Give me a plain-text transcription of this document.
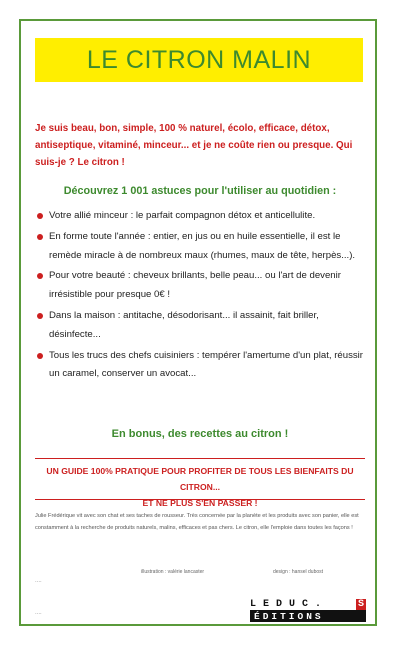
LE CITRON MALIN
Je suis beau, bon, simple, 100 % naturel, écolo, efficace, détox, antiseptique, vitaminé, minceur... et je ne coûte rien ou presque. Qui suis-je ? Le citron !
Découvrez 1 001 astuces pour l'utiliser au quotidien :
Votre allié minceur : le parfait compagnon détox et anticellulite.
En forme toute l'année : entier, en jus ou en huile essentielle, il est le remède miracle à de nombreux maux (rhumes, maux de tête, herpès...).
Pour votre beauté : cheveux brillants, belle peau... ou l'art de devenir irrésistible pour presque 0€ !
Dans la maison : antitache, désodorisant... il assainit, fait briller, désinfecte...
Tous les trucs des chefs cuisiniers : tempérer l'amertume d'un plat, réussir un caramel, conserver un avocat...
En bonus, des recettes au citron !
UN GUIDE 100% PRATIQUE POUR PROFITER DE TOUS LES BIENFAITS DU CITRON...
ET NE PLUS S'EN PASSER !
Julie Frédérique vit avec son chat et ses taches de rousseur. Très concernée par la planète et les produits avec son panier, elle est constamment à la recherche de produits naturels, malins, efficaces et pas chers. Le citron, elle l'emploie dans toutes les façons !
illustration : valérie lancaster	design : hansel dubost
....
....
LEDUC.	S
ÉDITIONS
